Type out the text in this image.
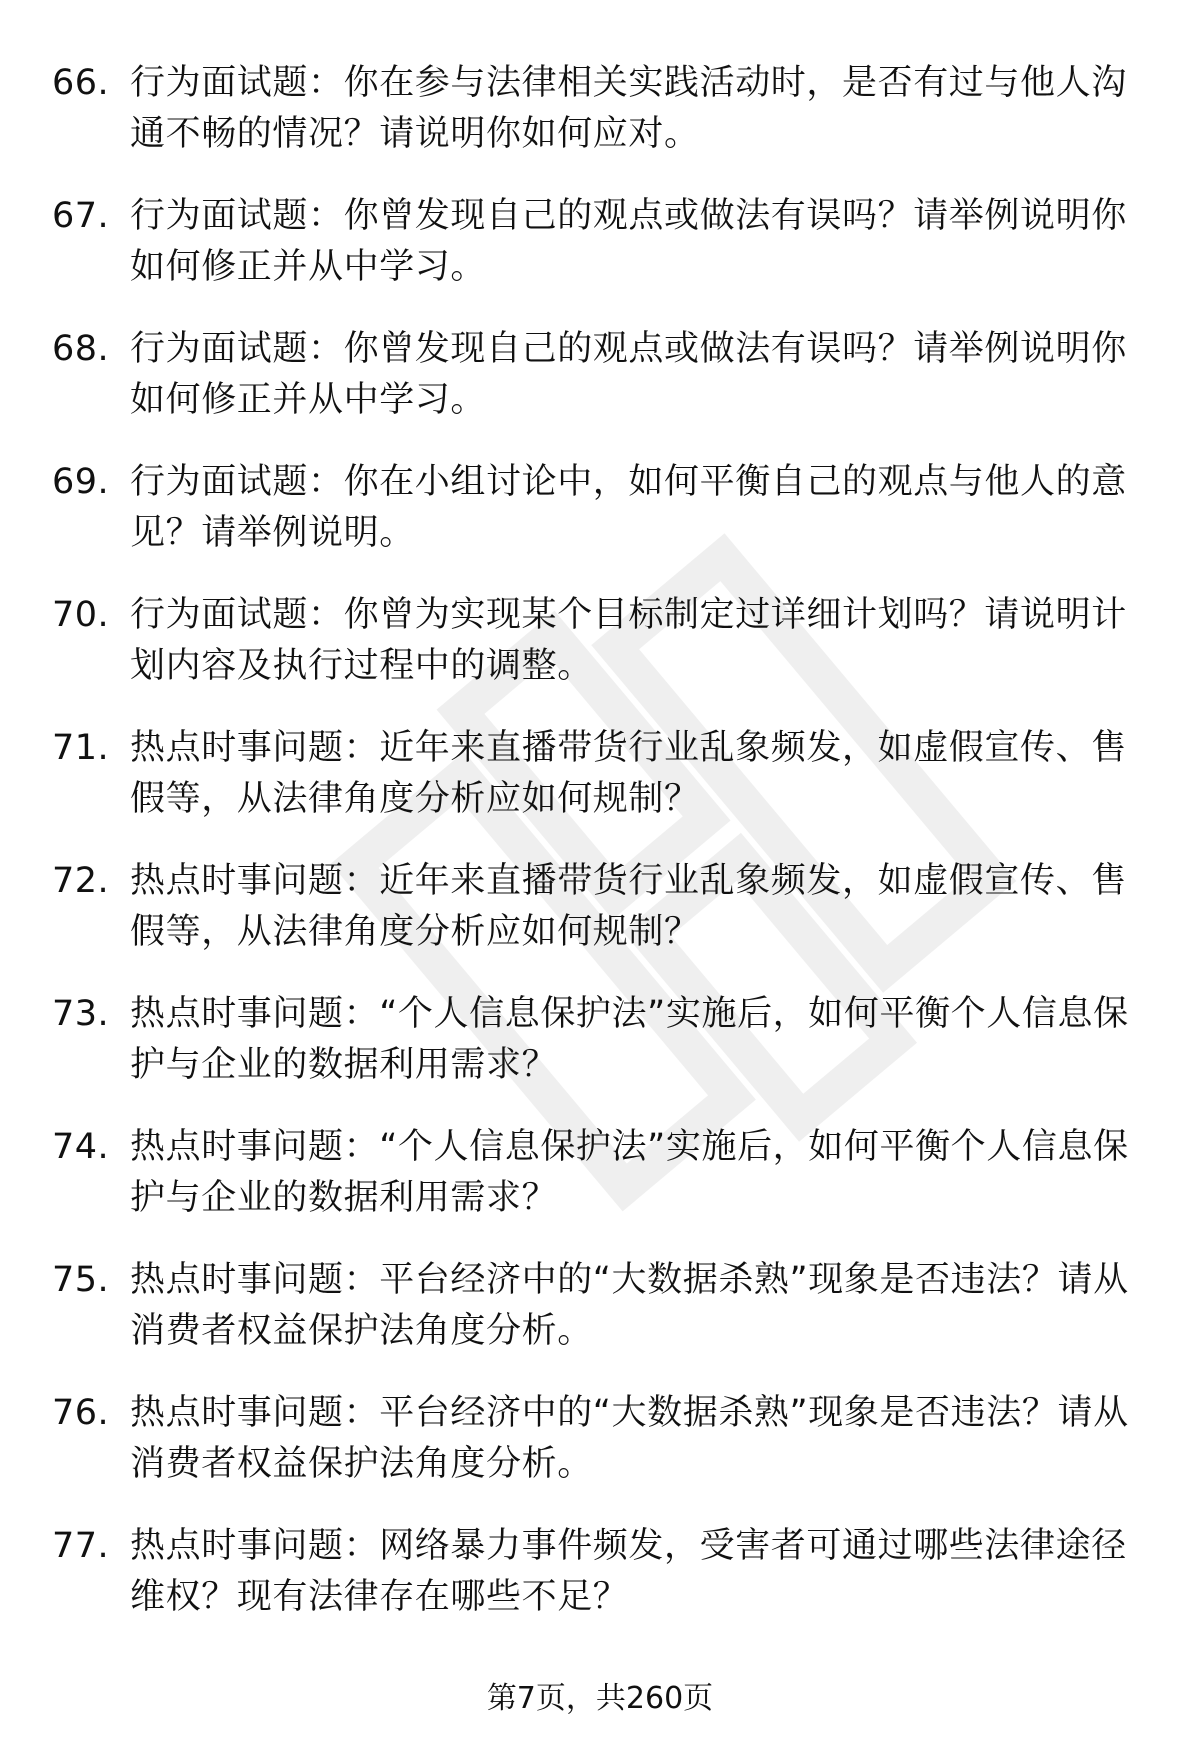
66. 行为面试题：你在参与法律相关实践活动时，是否有过与他人沟通不畅的情况？请说明你如何应对。
67. 行为面试题：你曾发现自己的观点或做法有误吗？请举例说明你如何修正并从中学习。
68. 行为面试题：你曾发现自己的观点或做法有误吗？请举例说明你如何修正并从中学习。
69. 行为面试题：你在小组讨论中，如何平衡自己的观点与他人的意见？请举例说明。
70. 行为面试题：你曾为实现某个目标制定过详细计划吗？请说明计划内容及执行过程中的调整。
71. 热点时事问题：近年来直播带货行业乱象频发，如虚假宣传、售假等，从法律角度分析应如何规制？
72. 热点时事问题：近年来直播带货行业乱象频发，如虚假宣传、售假等，从法律角度分析应如何规制？
73. 热点时事问题：“个人信息保护法”实施后，如何平衡个人信息保护与企业的数据利用需求？
74. 热点时事问题：“个人信息保护法”实施后，如何平衡个人信息保护与企业的数据利用需求？
75. 热点时事问题：平台经济中的“大数据杀熟”现象是否违法？请从消费者权益保护法角度分析。
76. 热点时事问题：平台经济中的“大数据杀熟”现象是否违法？请从消费者权益保护法角度分析。
77. 热点时事问题：网络暴力事件频发，受害者可通过哪些法律途径维权？现有法律存在哪些不足？
第7页，共260页
